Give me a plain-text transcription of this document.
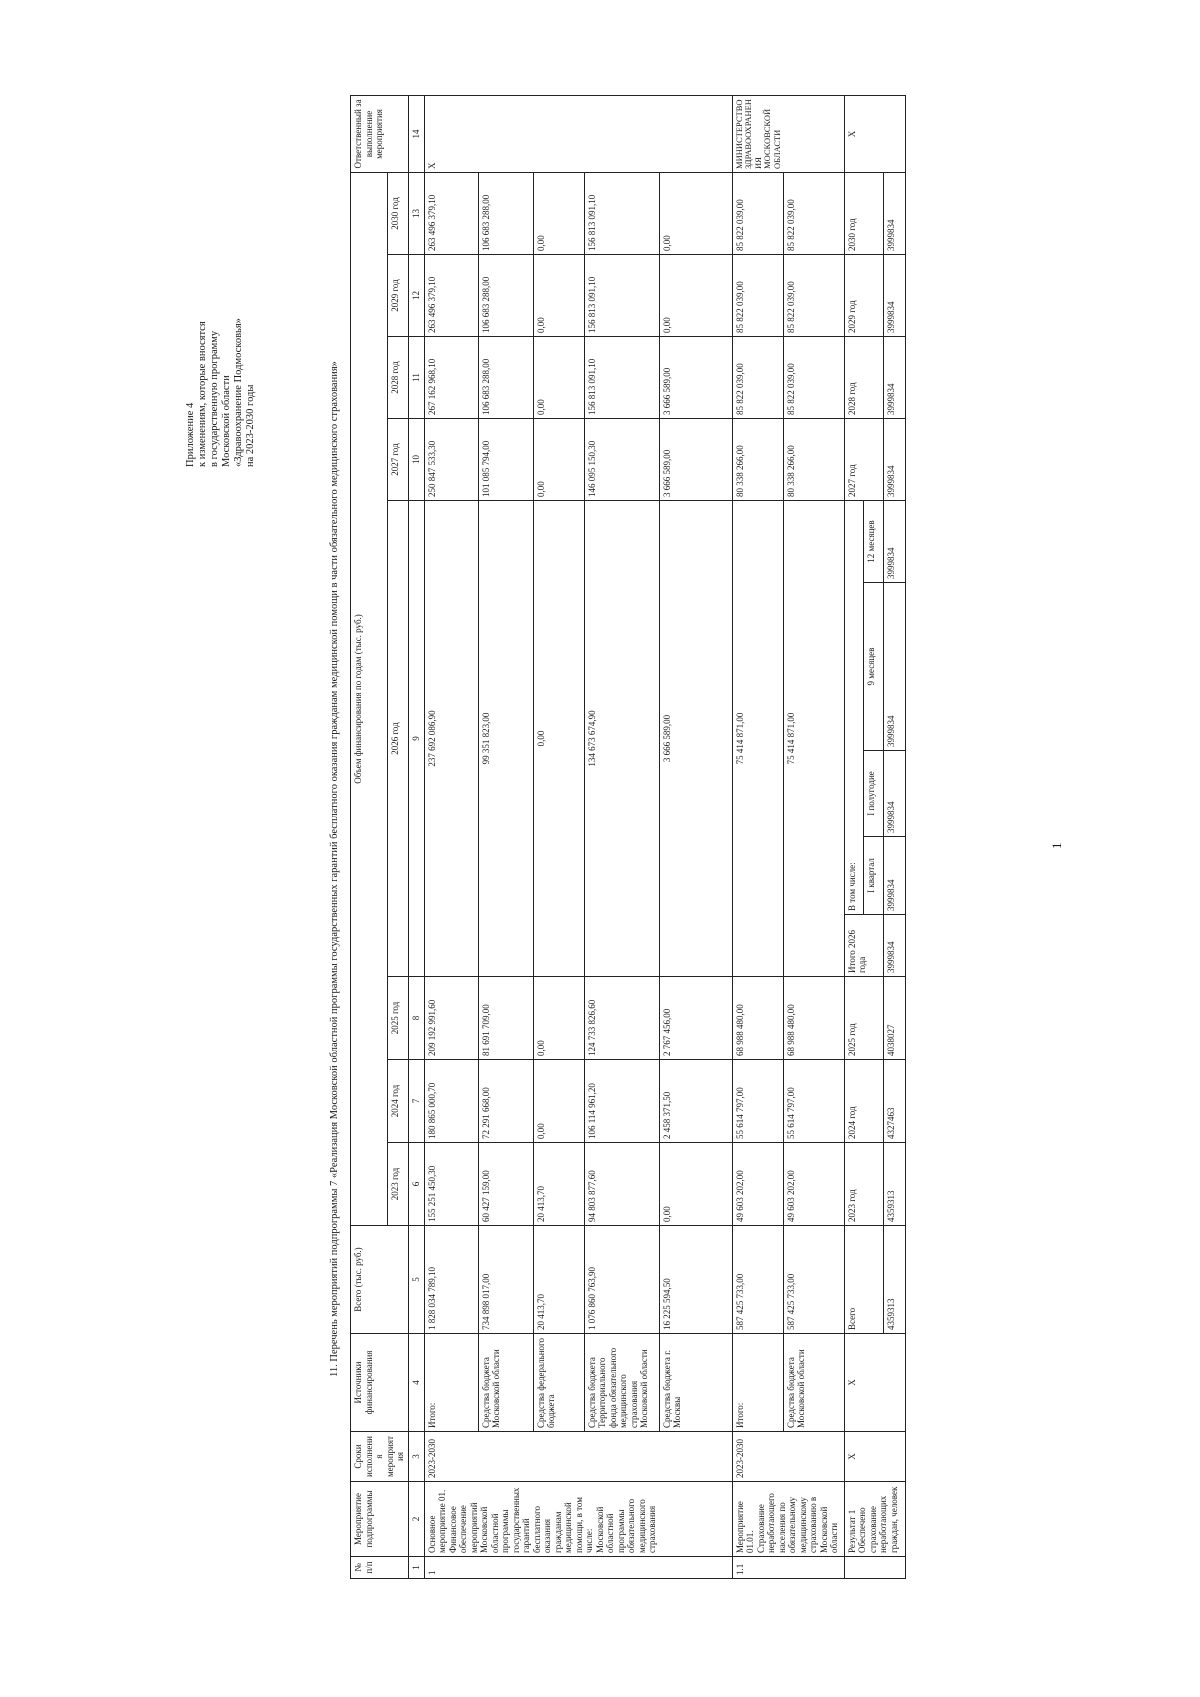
Приложение 4 к изменениям, которые вносятся в государственную программу Московской области «Здравоохранение Подмосковья» на 2023-2030 годы	11. Перечень мероприятий подпрограммы 7 «Реализация Московской областной программы государственных гарантий бесплатного оказания гражданам медицинской помощи в части обязательного медицинского страхования»
№ п/п	Мероприятие подпрограммы	Сроки исполнения мероприятия	Источники финансирования	Всего (тыс. руб.)	Объем финансирования по годам (тыс. руб.)												Ответственный за выполнение мероприятия
					2023 год	2024 год	2025 год	2026 год					2027 год	2028 год	2029 год	2030 год	
1	2	3	4	5	6	7	8	9					10	11	12	13	14
1	Основное мероприятие 01. Финансовое обеспечение мероприятий Московской областной программы государственных гарантий бесплатного оказания гражданам медицинской помощи, в том числе: Московской областной программы обязательного медицинского страхования	2023-2030	Итого:	1 828 034 789,10	155 251 450,30	180 865 000,70	209 192 991,60	237 692 086,90					250 847 533,30	267 162 968,10	263 496 379,10	263 496 379,10	Х
			Средства бюджета Московской области	734 898 017,00	60 427 159,00	72 291 668,00	81 691 709,00	99 351 823,00					101 085 794,00	106 683 288,00	106 683 288,00	106 683 288,00	
			Средства федерального бюджета	20 413,70	20 413,70	0,00	0,00	0,00					0,00	0,00	0,00	0,00	
			Средства бюджета Территориального фонда обязательного медицинского страхования Московской области	1 076 860 763,90	94 803 877,60	106 114 961,20	124 733 826,60	134 673 674,90					146 095 150,30	156 813 091,10	156 813 091,10	156 813 091,10	
			Средства бюджета г. Москвы	16 225 594,50	0,00	2 458 371,50	2 767 456,00	3 666 589,00					3 666 589,00	3 666 589,00	0,00	0,00	
1.1	Мероприятие 01.01. Страхование неработающего населения по обязательному медицинскому страхованию в Московской области	2023-2030	Итого:	587 425 733,00	49 603 202,00	55 614 797,00	68 988 480,00	75 414 871,00					80 338 266,00	85 822 039,00	85 822 039,00	85 822 039,00	МИНИСТЕРСТВО ЗДРАВООХРАНЕНИЯ МОСКОВСКОЙ ОБЛАСТИ
			Средства бюджета Московской области	587 425 733,00	49 603 202,00	55 614 797,00	68 988 480,00	75 414 871,00					80 338 266,00	85 822 039,00	85 822 039,00	85 822 039,00	
	Результат 1 Обеспечено страхование неработающих граждан, человек	Х	Х	Всего	2023 год	2024 год	2025 год	Итого 2026 года	В том числе:				2027 год	2028 год	2029 год	2030 год	Х
									I квартал	I полугодие	9 месяцев	12 месяцев					
				4359313	4359313	4327463	4038027	3999834	3999834	3999834	3999834	3999834	3999834	3999834	3999834	3999834	
1
